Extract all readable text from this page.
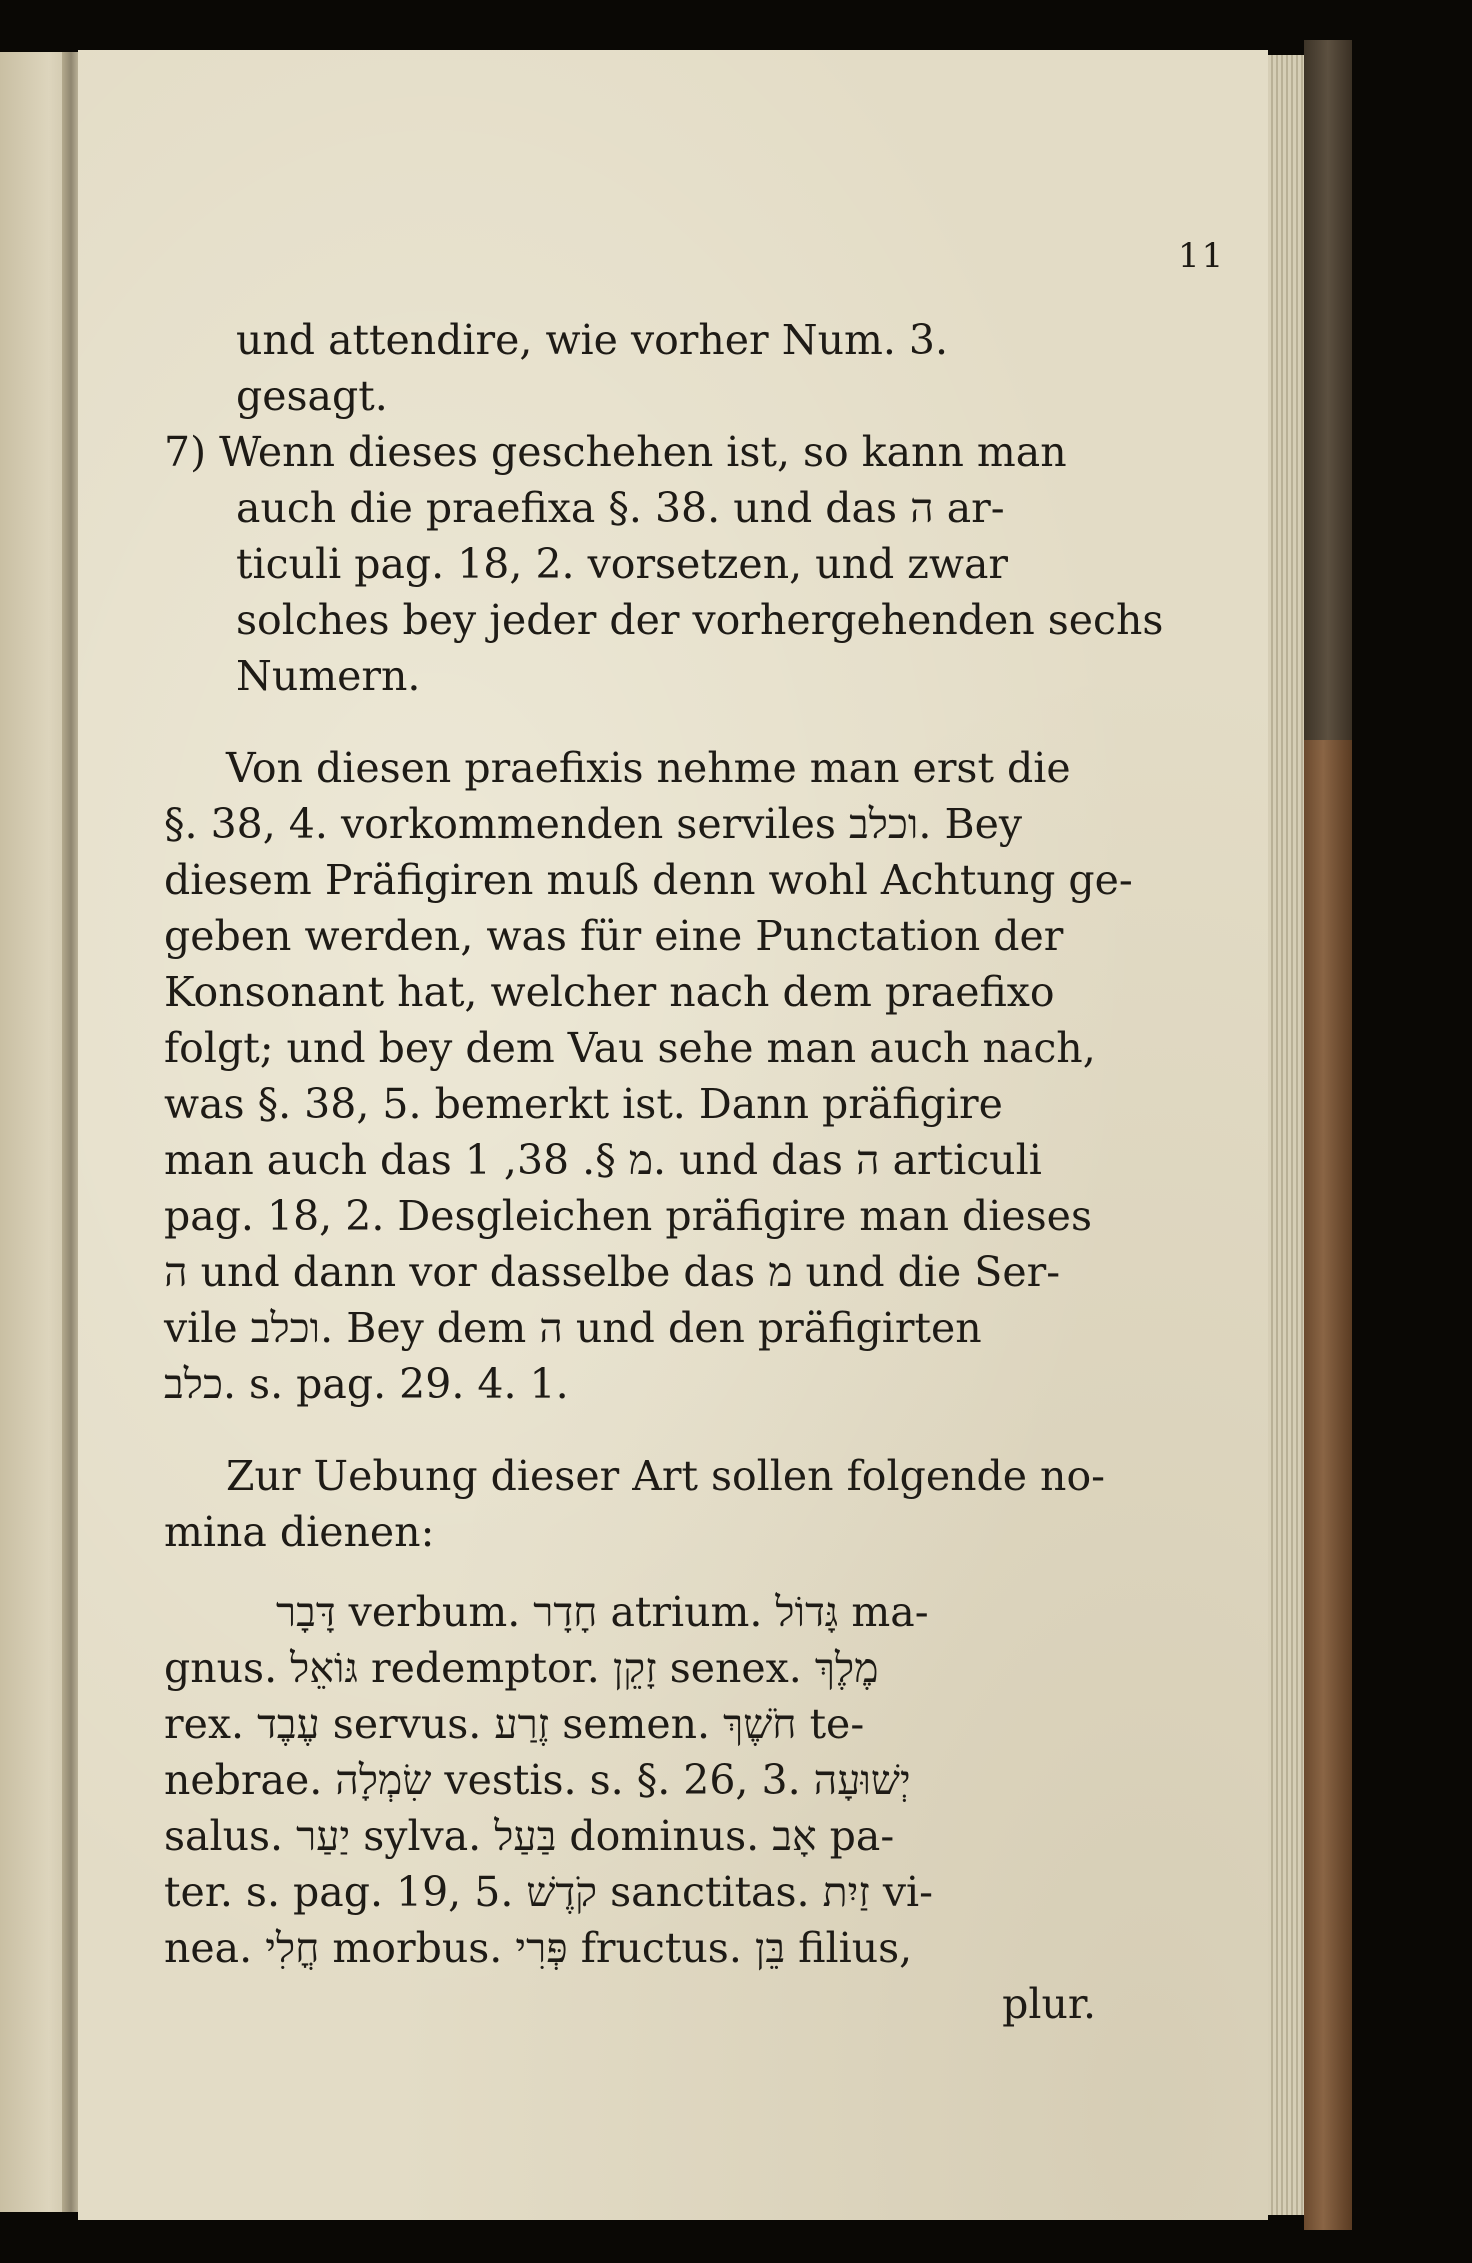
11
und attendire, wie vorher Num. 3.
gesagt.
7) Wenn dieses geschehen ist, so kann man
auch die praefixa §. 38. und das ה ar-
ticuli pag. 18, 2. vorsetzen, und zwar
solches bey jeder der vorhergehenden sechs
Numern.
Von diesen praefixis nehme man erst die
§. 38, 4. vorkommenden serviles וכלב. Bey
diesem Präfigiren muß denn wohl Achtung ge-
geben werden, was für eine Punctation der
Konsonant hat, welcher nach dem praefixo
folgt; und bey dem Vau sehe man auch nach,
was §. 38, 5. bemerkt ist. Dann präfigire
man auch das מ §. 38, 1. und das ה articuli
pag. 18, 2. Desgleichen präfigire man dieses
ה und dann vor dasselbe das מ und die Ser-
vile וכלב. Bey dem ה und den präfigirten
כלב. s. pag. 29. 4. 1.
Zur Uebung dieser Art sollen folgende no-
mina dienen:
דָּבָר verbum. חָדָר atrium. גָּדוֹל ma-
gnus. גּוֹאֵל redemptor. זָקֵן senex. מֶלֶךְ
rex. עֶבֶד servus. זֶרַע semen. חֹשֶׁךְ te-
nebrae. שִׂמְלָה vestis. s. §. 26, 3. יְשׁוּעָה
salus. יַעַר sylva. בַּעַל dominus. אָב pa-
ter. s. pag. 19, 5. קֹדֶשׁ sanctitas. זַיִת vi-
nea. חֳלִי morbus. פְּרִי fructus. בֵּן filius,
plur.
